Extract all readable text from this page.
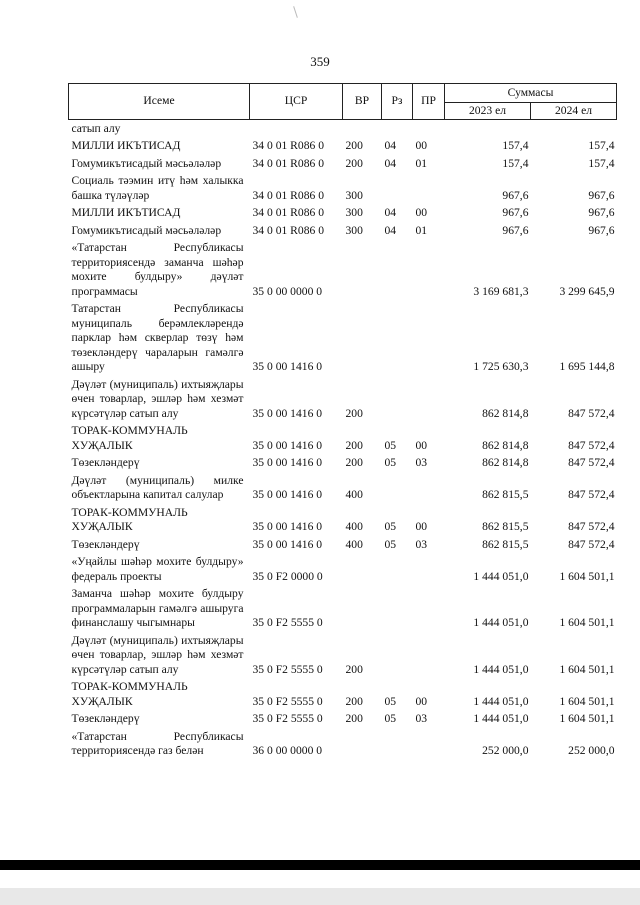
359
Исеме	ЦСР	ВР	Рз	ПР	Суммасы	
					2023 ел	2024 ел
сатып алу						
МИЛЛИ ИКЪТИСАД	34 0 01 R086 0	200	04	00	157,4	157,4
Гомумикътисадый мәсьәләләр	34 0 01 R086 0	200	04	01	157,4	157,4
Социаль тәэмин итү һәм халыкка башка түләүләр	34 0 01 R086 0	300			967,6	967,6
МИЛЛИ ИКЪТИСАД	34 0 01 R086 0	300	04	00	967,6	967,6
Гомумикътисадый мәсьәләләр	34 0 01 R086 0	300	04	01	967,6	967,6
«Татарстан Республикасы территориясендә заманча шәһәр мохите булдыру» дәүләт программасы	35 0 00 0000 0				3 169 681,3	3 299 645,9
Татарстан Республикасы муниципаль берәмлекләрендә парклар һәм скверлар төзү һәм төзекләндерү чараларын гамәлгә ашыру	35 0 00 1416 0				1 725 630,3	1 695 144,8
Дәүләт (муниципаль) ихтыяҗлары өчен товарлар, эшләр һәм хезмәт күрсәтүләр сатып алу	35 0 00 1416 0	200			862 814,8	847 572,4
ТОРАК-КОММУНАЛЬ ХУҖАЛЫК	35 0 00 1416 0	200	05	00	862 814,8	847 572,4
Төзекләндерү	35 0 00 1416 0	200	05	03	862 814,8	847 572,4
Дәүләт (муниципаль) милке объектларына капитал салулар	35 0 00 1416 0	400			862 815,5	847 572,4
ТОРАК-КОММУНАЛЬ ХУҖАЛЫК	35 0 00 1416 0	400	05	00	862 815,5	847 572,4
Төзекләндерү	35 0 00 1416 0	400	05	03	862 815,5	847 572,4
«Уңайлы шәһәр мохите булдыру» федераль проекты	35 0 F2 0000 0				1 444 051,0	1 604 501,1
Заманча шәһәр мохите булдыру программаларын гамәлгә ашыруга финанслашу чыгымнары	35 0 F2 5555 0				1 444 051,0	1 604 501,1
Дәүләт (муниципаль) ихтыяҗлары өчен товарлар, эшләр һәм хезмәт күрсәтүләр сатып алу	35 0 F2 5555 0	200			1 444 051,0	1 604 501,1
ТОРАК-КОММУНАЛЬ ХУҖАЛЫК	35 0 F2 5555 0	200	05	00	1 444 051,0	1 604 501,1
Төзекләндерү	35 0 F2 5555 0	200	05	03	1 444 051,0	1 604 501,1
«Татарстан Республикасы территориясендә газ белән	36 0 00 0000 0				252 000,0	252 000,0
